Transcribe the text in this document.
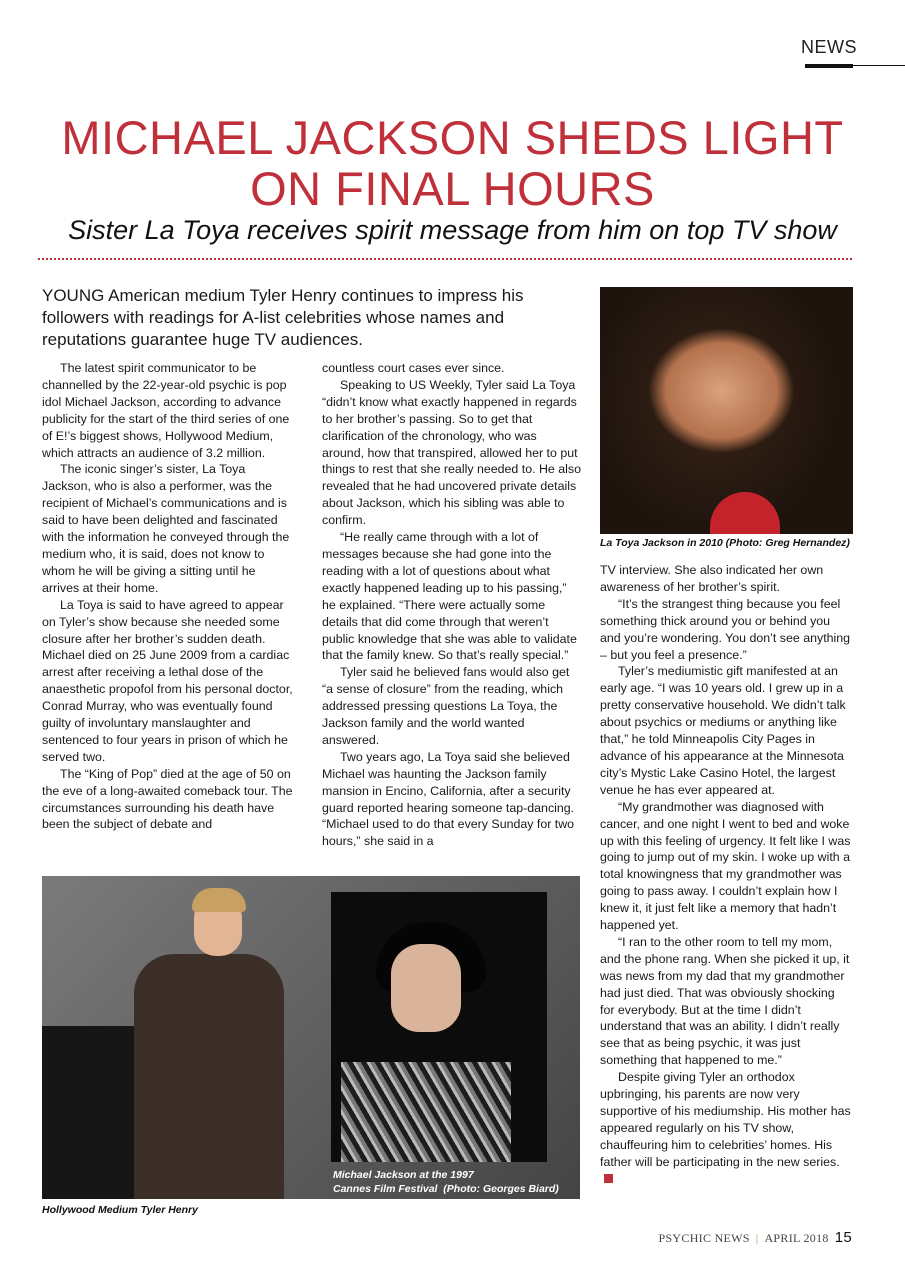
NEWS
MICHAEL JACKSON SHEDS LIGHT
ON FINAL HOURS
Sister La Toya receives spirit message from him on top TV show
YOUNG American medium Tyler Henry continues to impress his followers with readings for A-list celebrities whose names and reputations guarantee huge TV audiences.

The latest spirit communicator to be channelled by the 22-year-old psychic is pop idol Michael Jackson, according to advance publicity for the start of the third series of one of E!’s biggest shows, Hollywood Medium, which attracts an audience of 3.2 million.

The iconic singer’s sister, La Toya Jackson, who is also a performer, was the recipient of Michael’s communications and is said to have been delighted and fascinated with the information he conveyed through the medium who, it is said, does not know to whom he will be giving a sitting until he arrives at their home.

La Toya is said to have agreed to appear on Tyler’s show because she needed some closure after her brother’s sudden death. Michael died on 25 June 2009 from a cardiac arrest after receiving a lethal dose of the anaesthetic propofol from his personal doctor, Conrad Murray, who was eventually found guilty of involuntary manslaughter and sentenced to four years in prison of which he served two.

The “King of Pop” died at the age of 50 on the eve of a long-awaited comeback tour. The circumstances surrounding his death have been the subject of debate and

countless court cases ever since.

Speaking to US Weekly, Tyler said La Toya “didn’t know what exactly happened in regards to her brother’s passing. So to get that clarification of the chronology, who was around, how that transpired, allowed her to put things to rest that she really needed to. He also revealed that he had uncovered private details about Jackson, which his sibling was able to confirm.

“He really came through with a lot of messages because she had gone into the reading with a lot of questions about what exactly happened leading up to his passing,” he explained. “There were actually some details that did come through that weren’t public knowledge that she was able to validate that the family knew. So that’s really special.”

Tyler said he believed fans would also get “a sense of closure” from the reading, which addressed pressing questions La Toya, the Jackson family and the world wanted answered.

Two years ago, La Toya said she believed Michael was haunting the Jackson family mansion in Encino, California, after a security guard reported hearing someone tap-dancing. “Michael used to do that every Sunday for two hours,” she said in a

La Toya Jackson in 2010 (Photo: Greg Hernandez)

TV interview. She also indicated her own awareness of her brother’s spirit.

“It’s the strangest thing because you feel something thick around you or behind you and you’re wondering. You don’t see anything – but you feel a presence.”

Tyler’s mediumistic gift manifested at an early age. “I was 10 years old. I grew up in a pretty conservative household. We didn’t talk about psychics or mediums or anything like that,” he told Minneapolis City Pages in advance of his appearance at the Minnesota city’s Mystic Lake Casino Hotel, the largest venue he has ever appeared at.

“My grandmother was diagnosed with cancer, and one night I went to bed and woke up with this feeling of urgency. It felt like I was going to jump out of my skin. I woke up with a total knowingness that my grandmother was going to pass away. I couldn’t explain how I knew it, it just felt like a memory that hadn’t happened yet.

“I ran to the other room to tell my mom, and the phone rang. When she picked it up, it was news from my dad that my grandmother had just died. That was obviously shocking for everybody. But at the time I didn’t understand that was an ability. I didn’t really see that as being psychic, it was just something that happened to me.”

Despite giving Tyler an orthodox upbringing, his parents are now very supportive of his mediumship. His mother has appeared regularly on his TV show, chauffeuring him to celebrities’ homes. His father will be participating in the new series.

Michael Jackson at the 1997
Cannes Film Festival  (Photo: Georges Biard)
Hollywood Medium Tyler Henry
PSYCHIC NEWS | APRIL 2018 15
